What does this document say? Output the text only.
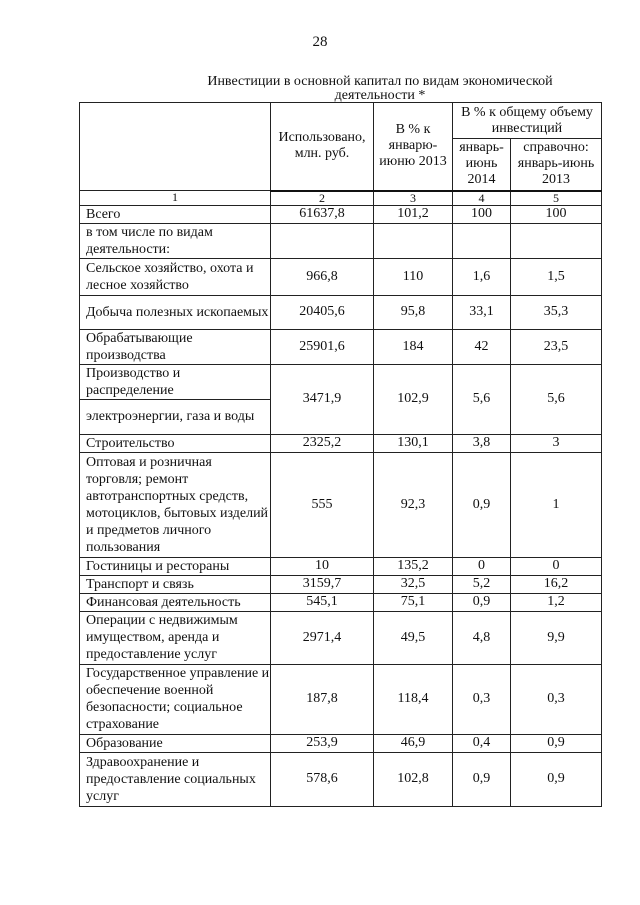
28
Инвестиции в основной капитал по видам экономической
деятельности *
	Использовано, млн. руб.	В % к январю-июню 2013	В % к общему объему инвестиций	
			январь-июнь 2014	справочно: январь-июнь 2013
1	2	3	4	5
Всего	61637,8	101,2	100	100
в том числе по видам деятельности:				
Сельское хозяйство, охота и лесное хозяйство	966,8	110	1,6	1,5
Добыча полезных ископаемых	20405,6	95,8	33,1	35,3
Обрабатывающие производства	25901,6	184	42	23,5
Производство и распределение	3471,9	102,9	5,6	5,6
электроэнергии, газа и воды				
Строительство	2325,2	130,1	3,8	3
Оптовая и розничная торговля; ремонт автотранспортных средств, мотоциклов, бытовых изделий и предметов личного пользования	555	92,3	0,9	1
Гостиницы и рестораны	10	135,2	0	0
Транспорт и связь	3159,7	32,5	5,2	16,2
Финансовая деятельность	545,1	75,1	0,9	1,2
Операции с недвижимым имуществом, аренда и предоставление услуг	2971,4	49,5	4,8	9,9
Государственное управление и обеспечение военной безопасности; социальное страхование	187,8	118,4	0,3	0,3
Образование	253,9	46,9	0,4	0,9
Здравоохранение и предоставление социальных услуг	578,6	102,8	0,9	0,9
